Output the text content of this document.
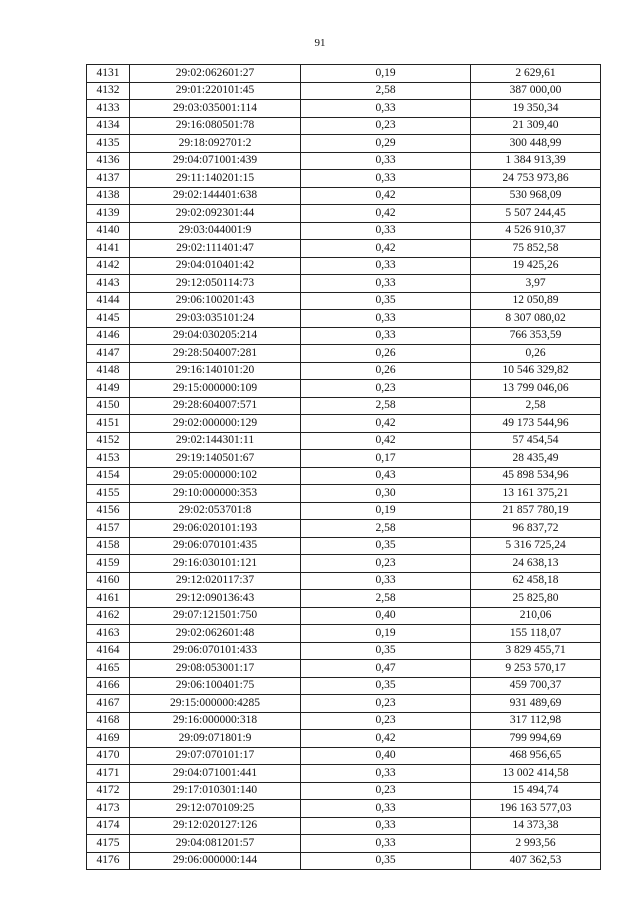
91
4131	29:02:062601:27	0,19	2 629,61
4132	29:01:220101:45	2,58	387 000,00
4133	29:03:035001:114	0,33	19 350,34
4134	29:16:080501:78	0,23	21 309,40
4135	29:18:092701:2	0,29	300 448,99
4136	29:04:071001:439	0,33	1 384 913,39
4137	29:11:140201:15	0,33	24 753 973,86
4138	29:02:144401:638	0,42	530 968,09
4139	29:02:092301:44	0,42	5 507 244,45
4140	29:03:044001:9	0,33	4 526 910,37
4141	29:02:111401:47	0,42	75 852,58
4142	29:04:010401:42	0,33	19 425,26
4143	29:12:050114:73	0,33	3,97
4144	29:06:100201:43	0,35	12 050,89
4145	29:03:035101:24	0,33	8 307 080,02
4146	29:04:030205:214	0,33	766 353,59
4147	29:28:504007:281	0,26	0,26
4148	29:16:140101:20	0,26	10 546 329,82
4149	29:15:000000:109	0,23	13 799 046,06
4150	29:28:604007:571	2,58	2,58
4151	29:02:000000:129	0,42	49 173 544,96
4152	29:02:144301:11	0,42	57 454,54
4153	29:19:140501:67	0,17	28 435,49
4154	29:05:000000:102	0,43	45 898 534,96
4155	29:10:000000:353	0,30	13 161 375,21
4156	29:02:053701:8	0,19	21 857 780,19
4157	29:06:020101:193	2,58	96 837,72
4158	29:06:070101:435	0,35	5 316 725,24
4159	29:16:030101:121	0,23	24 638,13
4160	29:12:020117:37	0,33	62 458,18
4161	29:12:090136:43	2,58	25 825,80
4162	29:07:121501:750	0,40	210,06
4163	29:02:062601:48	0,19	155 118,07
4164	29:06:070101:433	0,35	3 829 455,71
4165	29:08:053001:17	0,47	9 253 570,17
4166	29:06:100401:75	0,35	459 700,37
4167	29:15:000000:4285	0,23	931 489,69
4168	29:16:000000:318	0,23	317 112,98
4169	29:09:071801:9	0,42	799 994,69
4170	29:07:070101:17	0,40	468 956,65
4171	29:04:071001:441	0,33	13 002 414,58
4172	29:17:010301:140	0,23	15 494,74
4173	29:12:070109:25	0,33	196 163 577,03
4174	29:12:020127:126	0,33	14 373,38
4175	29:04:081201:57	0,33	2 993,56
4176	29:06:000000:144	0,35	407 362,53
